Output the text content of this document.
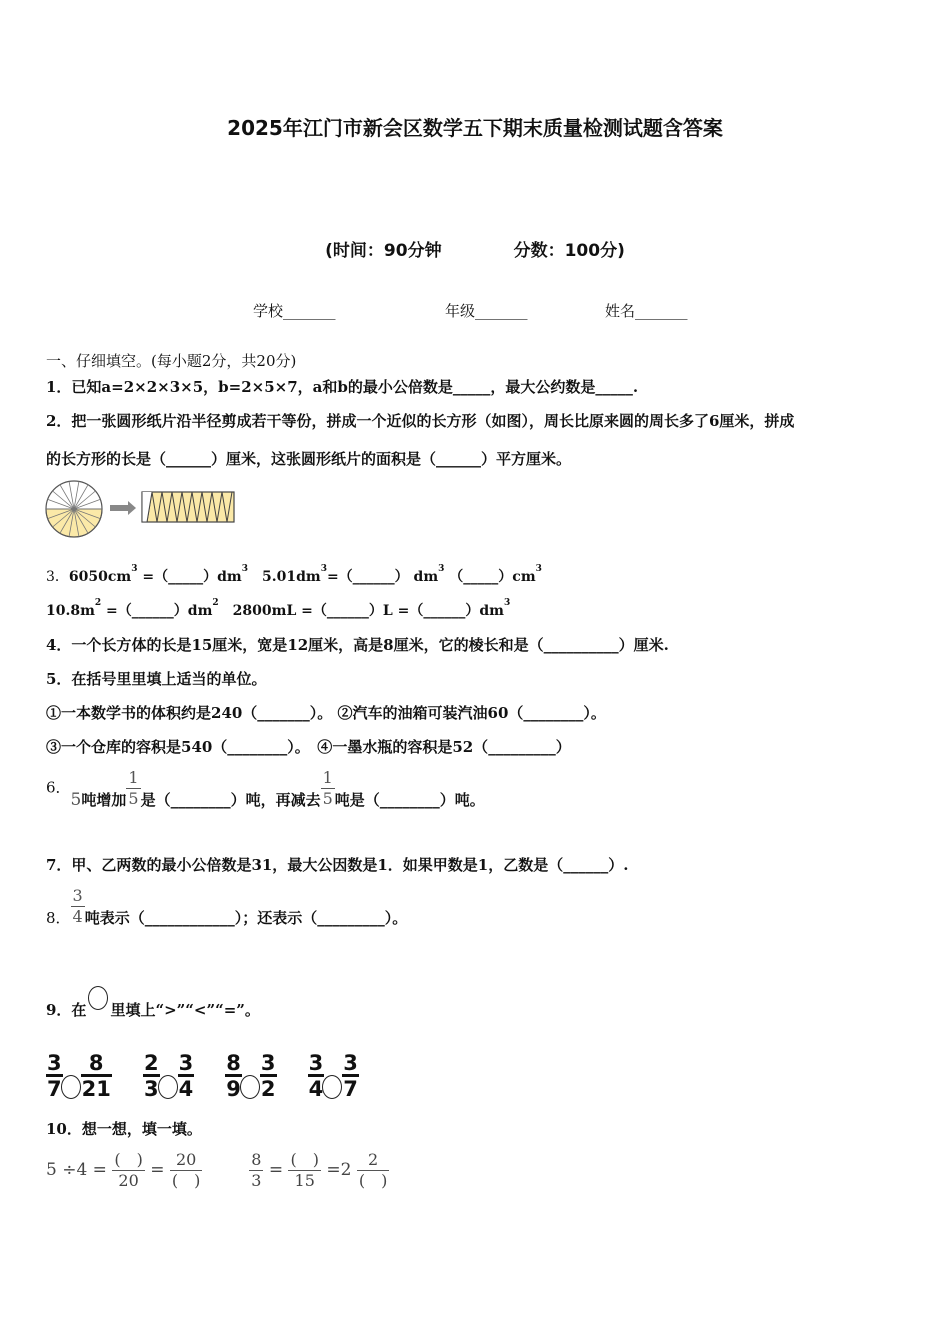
2025年江门市新会区数学五下期末质量检测试题含答案
(时间：90分钟	分数：100分)
学校_______	年级_______	姓名_______
一、仔细填空。(每小题2分，共20分)
1．已知a=2×2×3×5，b=2×5×7，a和b的最小公倍数是_____，最大公约数是_____.
2．把一张圆形纸片沿半径剪成若干等份，拼成一个近似的长方形（如图），周长比原来圆的周长多了6厘米，拼成
的长方形的长是（______）厘米，这张圆形纸片的面积是（______）平方厘米。
3．$6050cm^3$ $=(\_\_\_\_\_)dm^3$　$5.01dm^3=(\_\_\_\_\_\_)$ $dm^3$ $(\_\_\_\_\_)cm^3$
$10.8m^2$ $=(\_\_\_\_\_\_)dm^2$　2800mL =（______）L $=(\_\_\_\_\_\_)dm^3$
4．一个长方体的长是15厘米，宽是12厘米，高是8厘米，它的棱长和是（__________）厘米.
5．在括号里里填上适当的单位。
①一本数学书的体积约是240（_______）。 ②汽车的油箱可装汽油60（________）。
③一个仓库的容积是540（________）。　④一墨水瓶的容积是52（_________）
6．5吨增加 $\frac{1}{5}$ 是（________）吨，再减去 $\frac{1}{5}$ 吨是（________）吨。
7．甲、乙两数的最小公倍数是31，最大公因数是1．如果甲数是1，乙数是（______）.
8． $\frac{3}{4}$ 吨表示（____________）；还表示（_________）。
9．在 里填上“>”“<”“=”。
$\frac{3}{7} \frac{8}{21}$
$\frac{2}{3} \frac{3}{4}$
$\frac{8}{9} \frac{3}{2}$
$\frac{3}{4} \frac{3}{7}$
10．想一想，填一填。
$5 \div 4 = \frac{( )}{20} = \frac{20}{( )}$
	$\frac{8}{3} = \frac{( )}{15} =2 \frac{2}{( )}$
